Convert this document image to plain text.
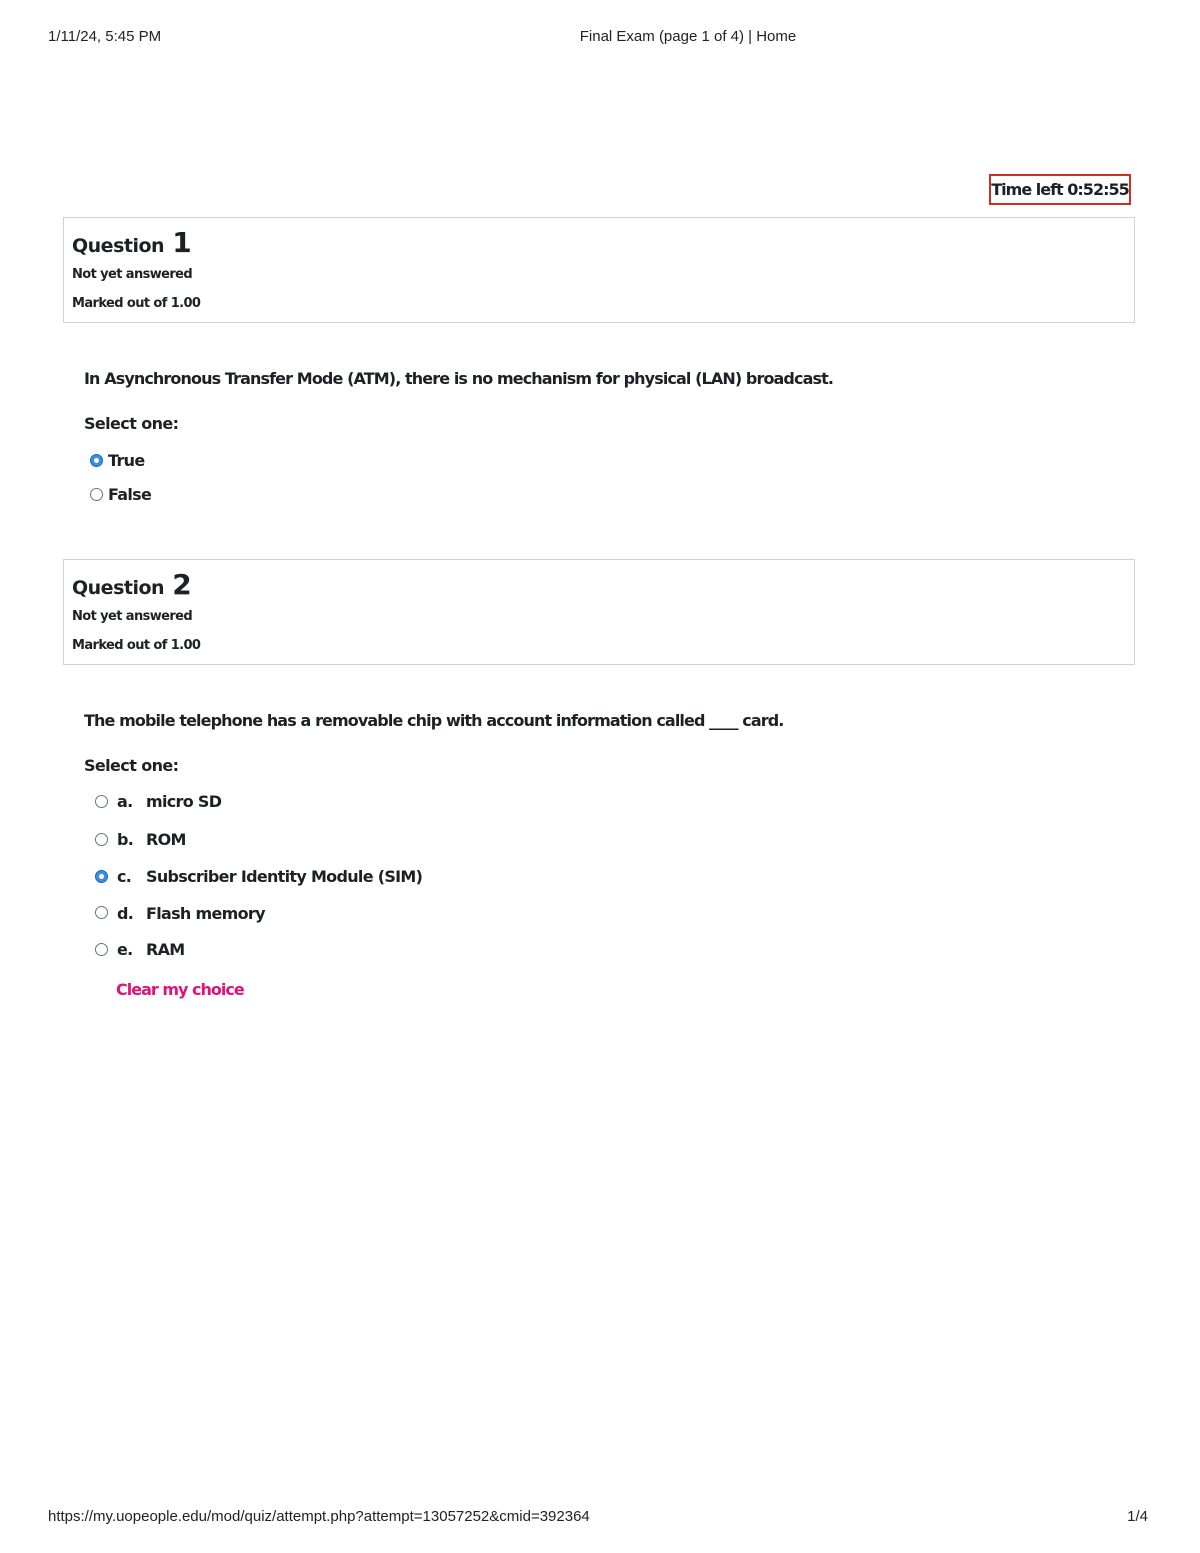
1/11/24, 5:45 PM	Final Exam (page 1 of 4) | Home
Time left 0:52:55
Question 1
Not yet answered
Marked out of 1.00
In Asynchronous Transfer Mode (ATM), there is no mechanism for physical (LAN) broadcast.
Select one:
True
False
Question 2
Not yet answered
Marked out of 1.00
The mobile telephone has a removable chip with account information called ____ card.
Select one:
a. micro SD
b. ROM
c. Subscriber Identity Module (SIM)
d. Flash memory
e. RAM
Clear my choice
https://my.uopeople.edu/mod/quiz/attempt.php?attempt=13057252&cmid=392364	1/4
